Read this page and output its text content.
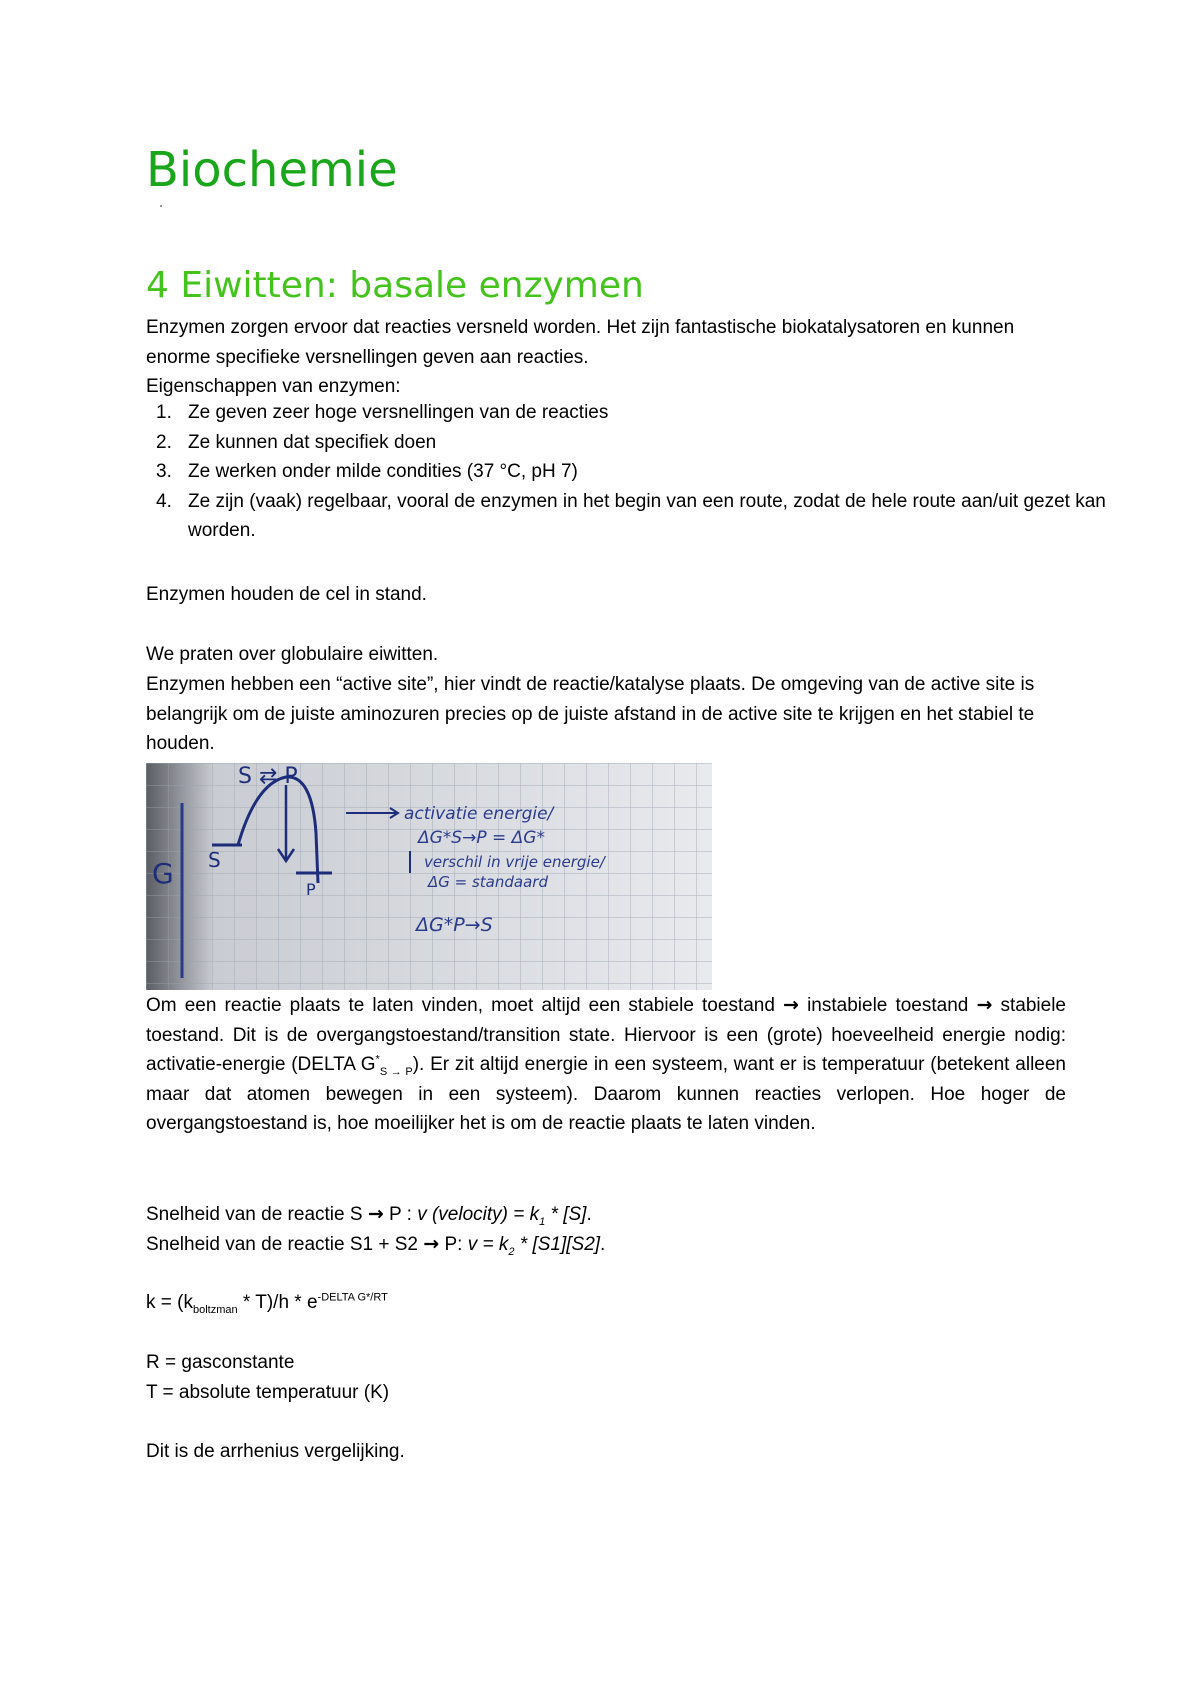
Biochemie
4 Eiwitten: basale enzymen

Enzymen zorgen ervoor dat reacties versneld worden. Het zijn fantastische biokatalysatoren en kunnen enorme specifieke versnellingen geven aan reacties.

Eigenschappen van enzymen:

Ze geven zeer hoge versnellingen van de reacties
Ze kunnen dat specifiek doen
Ze werken onder milde condities (37 °C, pH 7)
Ze zijn (vaak) regelbaar, vooral de enzymen in het begin van een route, zodat de hele route aan/uit gezet kan worden.

Enzymen houden de cel in stand.

We praten over globulaire eiwitten.

Enzymen hebben een “active site”, hier vindt de reactie/katalyse plaats. De omgeving van de active site is belangrijk om de juiste aminozuren precies op de juiste afstand in de active site te krijgen en het stabiel te houden.

G
S ⇄ P
S
P
activatie energie/
ΔG*S→P = ΔG*
verschil in vrije energie/
ΔG = standaard
ΔG*P→S

Om een reactie plaats te laten vinden, moet altijd een stabiele toestand → instabiele toestand → stabiele toestand. Dit is de overgangstoestand/transition state. Hiervoor is een (grote) hoeveelheid energie nodig: activatie-energie (DELTA $G^*_{S \to P}$). Er zit altijd energie in een systeem, want er is temperatuur (betekent alleen maar dat atomen bewegen in een systeem). Daarom kunnen reacties verlopen. Hoe hoger de overgangstoestand is, hoe moeilijker het is om de reactie plaats te laten vinden.

Snelheid van de reactie S → P : v (velocity) = $k_1 * [S]$.

Snelheid van de reactie S1 + S2 → P: $v = k_2 * [S1][S2]$.

$k = (k_{boltzman} * T)/h * e^{-DELTA G*/RT}$

R = gasconstante

T = absolute temperatuur (K)

Dit is de arrhenius vergelijking.
